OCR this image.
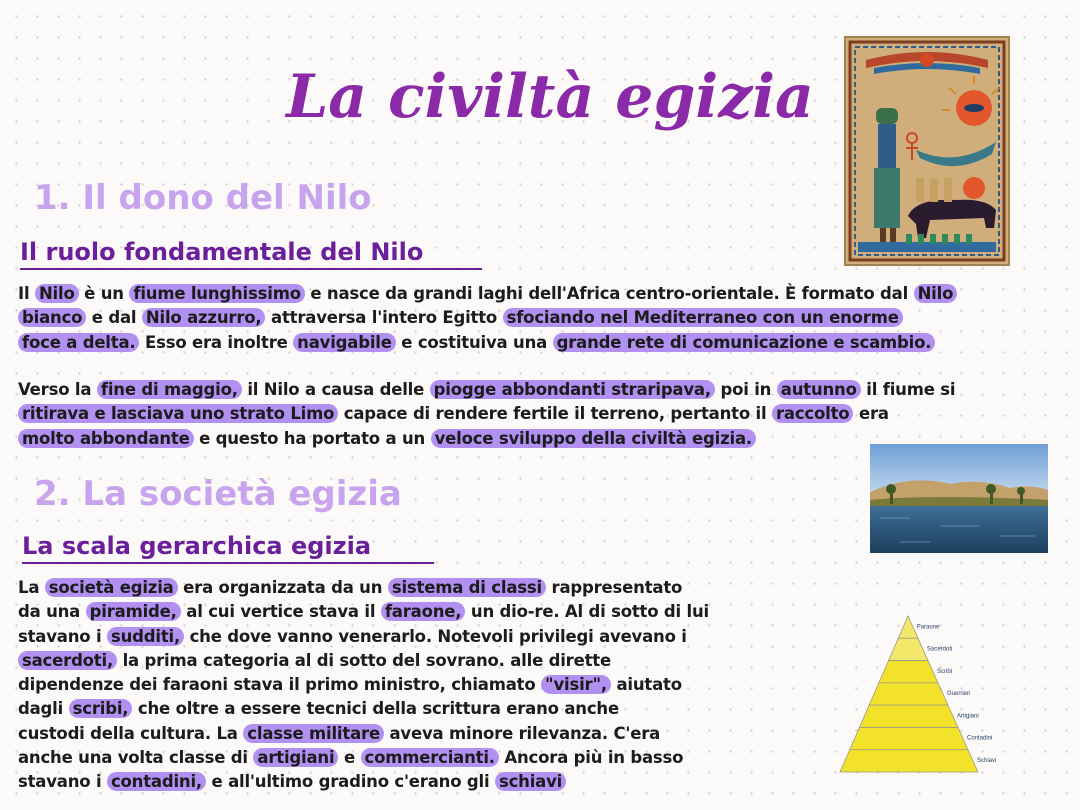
La civiltà egizia
1. Il dono del Nilo
Il ruolo fondamentale del Nilo
Il Nilo è un fiume lunghissimo e nasce da grandi laghi dell'Africa centro-orientale. È formato dal Nilo
bianco e dal Nilo azzurro, attraversa l'intero Egitto sfociando nel Mediterraneo con un enorme
foce a delta. Esso era inoltre navigabile e costituiva una grande rete di comunicazione e scambio.
Verso la fine di maggio, il Nilo a causa delle piogge abbondanti straripava, poi in autunno il fiume si
ritirava e lasciava uno strato Limo capace di rendere fertile il terreno, pertanto il raccolto era
molto abbondante e questo ha portato a un veloce sviluppo della civiltà egizia.
2. La società egizia
La scala gerarchica egizia
La società egizia era organizzata da un sistema di classi rappresentato
da una piramide, al cui vertice stava il faraone, un dio-re. Al di sotto di lui
stavano i sudditi, che dove vanno venerarlo. Notevoli privilegi avevano i
sacerdoti, la prima categoria al di sotto del sovrano. alle dirette
dipendenze dei faraoni stava il primo ministro, chiamato "visir", aiutato
dagli scribi, che oltre a essere tecnici della scrittura erano anche
custodi della cultura. La classe militare aveva minore rilevanza. C'era
anche una volta classe di artigiani e commercianti. Ancora più in basso
stavano i contadini, e all'ultimo gradino c'erano gli schiavi
Faraone
Sacerdoti
Scribi
Guerrieri
Artigiani
Contadini
Schiavi
